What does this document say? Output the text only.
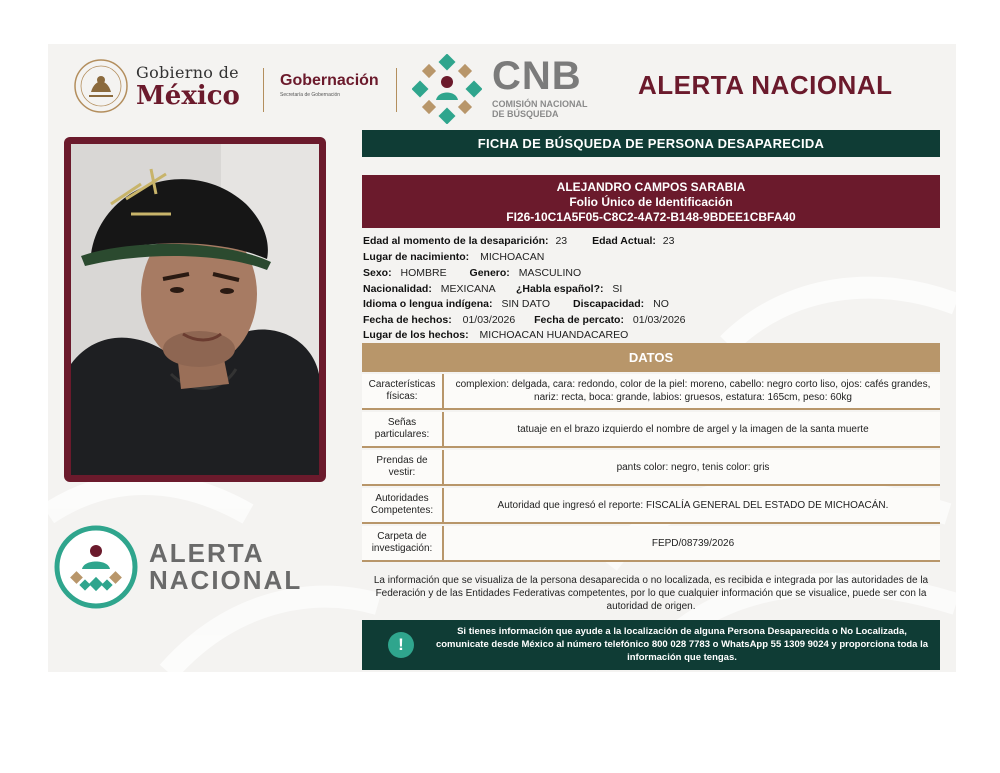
Gobierno de
México
Gobernación
Secretaría de Gobernación	CNB
COMISIÓN NACIONAL
DE BÚSQUEDA
ALERTA NACIONAL
ALERTA
NACIONAL
FICHA DE BÚSQUEDA DE PERSONA DESAPARECIDA
ALEJANDRO CAMPOS SARABIA
Folio Único de Identificación
FI26-10C1A5F05-C8C2-4A72-B148-9BDEE1CBFA40
Edad al momento de la desaparición: 23 Edad Actual: 23
Lugar de nacimiento: MICHOACAN
Sexo: HOMBRE Genero: MASCULINO
Nacionalidad: MEXICANA ¿Habla español?: SI
Idioma o lengua indígena: SIN DATO Discapacidad: NO
Fecha de hechos: 01/03/2026 Fecha de percato: 01/03/2026
Lugar de los hechos: MICHOACAN HUANDACAREO
DATOS
Características físicas:
complexion: delgada, cara: redondo, color de la piel: moreno, cabello: negro corto liso, ojos: cafés grandes, nariz: recta, boca: grande, labios: gruesos, estatura: 165cm, peso: 60kg
Señas particulares:	tatuaje en el brazo izquierdo el nombre de argel y la imagen de la santa muerte
Prendas de vestir:	pants color: negro, tenis color: gris
Autoridades Competentes:	Autoridad que ingresó el reporte: FISCALÍA GENERAL DEL ESTADO DE MICHOACÁN.
Carpeta de investigación:	FEPD/08739/2026
La información que se visualiza de la persona desaparecida o no localizada, es recibida e integrada por las autoridades de la Federación y de las Entidades Federativas competentes, por lo que cualquier información que se visualice, puede ser con la autoridad de origen.
!
Si tienes información que ayude a la localización de alguna Persona Desaparecida o No Localizada, comunicate desde México al número telefónico 800 028 7783 o WhatsApp 55 1309 9024 y proporciona toda la información que tengas.
